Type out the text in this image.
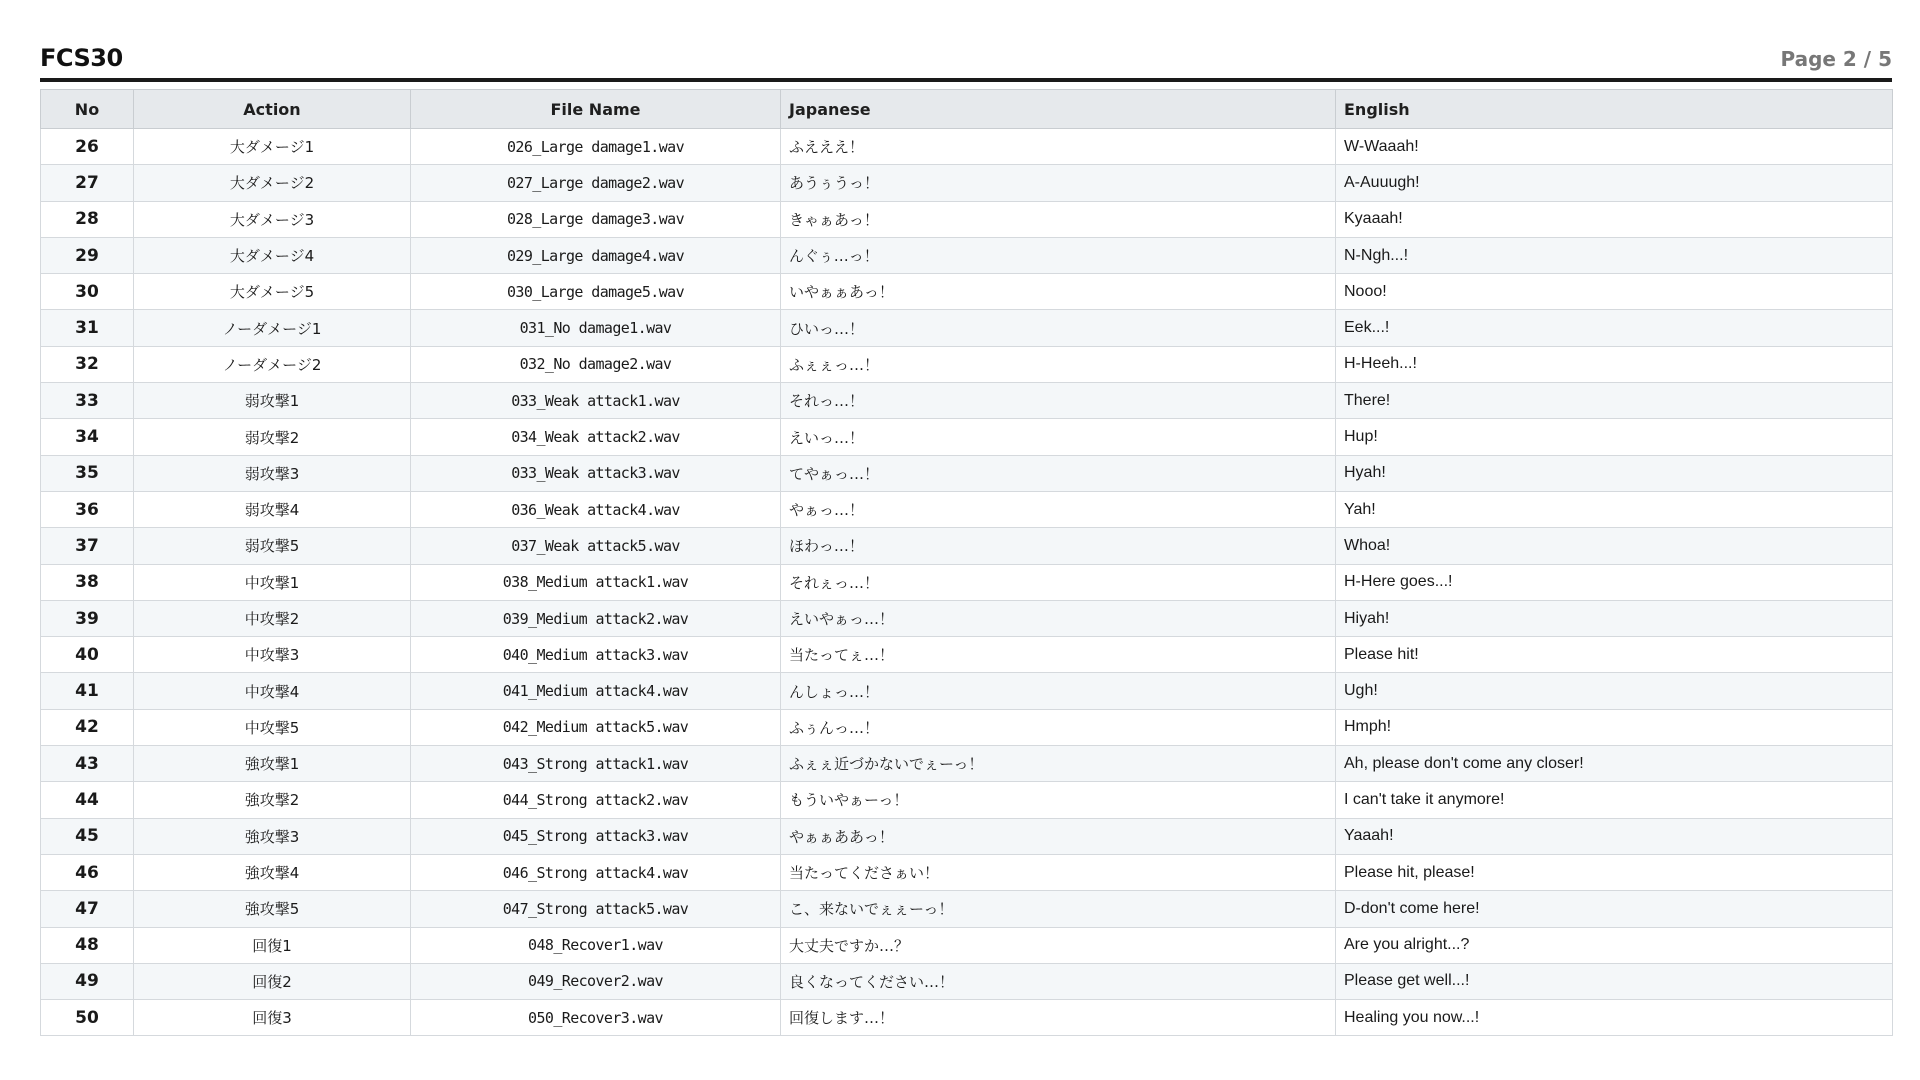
FCS30	Page 2 / 5
No	Action	File Name	Japanese	English
26	大ダメージ1	026_Large damage1.wav	ふえええ！	W-Waaah!
27	大ダメージ2	027_Large damage2.wav	あうぅうっ！	A-Auuugh!
28	大ダメージ3	028_Large damage3.wav	きゃぁあっ！	Kyaaah!
29	大ダメージ4	029_Large damage4.wav	んぐぅ…っ！	N-Ngh...!
30	大ダメージ5	030_Large damage5.wav	いやぁぁあっ！	Nooo!
31	ノーダメージ1	031_No damage1.wav	ひいっ…！	Eek...!
32	ノーダメージ2	032_No damage2.wav	ふぇぇっ…！	H-Heeh...!
33	弱攻撃1	033_Weak attack1.wav	それっ…！	There!
34	弱攻撃2	034_Weak attack2.wav	えいっ…！	Hup!
35	弱攻撃3	033_Weak attack3.wav	てやぁっ…！	Hyah!
36	弱攻撃4	036_Weak attack4.wav	やぁっ…！	Yah!
37	弱攻撃5	037_Weak attack5.wav	ほわっ…！	Whoa!
38	中攻撃1	038_Medium attack1.wav	それぇっ…！	H-Here goes...!
39	中攻撃2	039_Medium attack2.wav	えいやぁっ…！	Hiyah!
40	中攻撃3	040_Medium attack3.wav	当たってぇ…！	Please hit!
41	中攻撃4	041_Medium attack4.wav	んしょっ…！	Ugh!
42	中攻撃5	042_Medium attack5.wav	ふぅんっ…！	Hmph!
43	強攻撃1	043_Strong attack1.wav	ふぇぇ近づかないでぇーっ！	Ah, please don't come any closer!
44	強攻撃2	044_Strong attack2.wav	もういやぁーっ！	I can't take it anymore!
45	強攻撃3	045_Strong attack3.wav	やぁぁああっ！	Yaaah!
46	強攻撃4	046_Strong attack4.wav	当たってくださぁい！	Please hit, please!
47	強攻撃5	047_Strong attack5.wav	こ、来ないでぇぇーっ！	D-don't come here!
48	回復1	048_Recover1.wav	大丈夫ですか…？	Are you alright...?
49	回復2	049_Recover2.wav	良くなってください…！	Please get well...!
50	回復3	050_Recover3.wav	回復します…！	Healing you now...!
